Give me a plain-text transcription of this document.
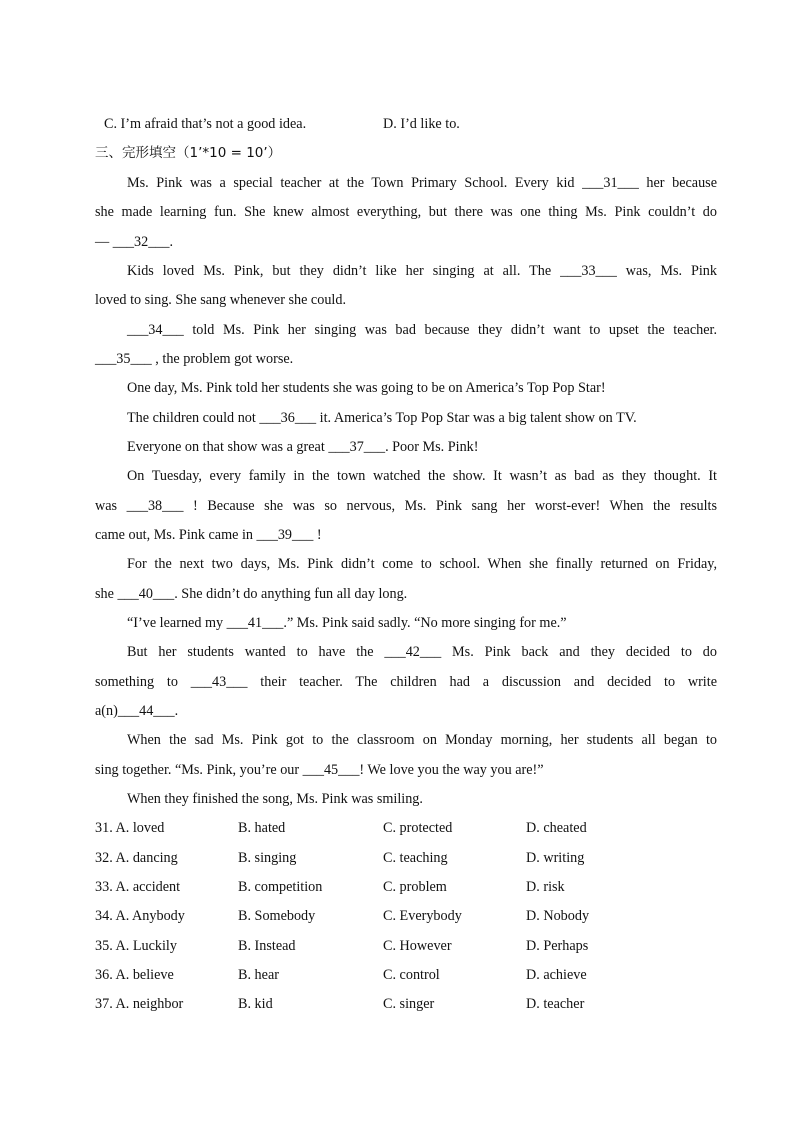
C. I’m afraid that’s not a good idea.	D. I’d like to.
三、完形填空（1’*10 = 10’）
Ms. Pink was a special teacher at the Town Primary School. Every kid ___31___ her because
she made learning fun. She knew almost everything, but there was one thing Ms. Pink couldn’t do
— ___32___.
Kids loved Ms. Pink, but they didn’t like her singing at all. The ___33___ was, Ms. Pink
loved to sing. She sang whenever she could.
___34___ told Ms. Pink her singing was bad because they didn’t want to upset the teacher.
___35___ , the problem got worse.
One day, Ms. Pink told her students she was going to be on America’s Top Pop Star!
The children could not ___36___ it. America’s Top Pop Star was a big talent show on TV.
Everyone on that show was a great ___37___. Poor Ms. Pink!
On Tuesday, every family in the town watched the show. It wasn’t as bad as they thought. It
was ___38___ ! Because she was so nervous, Ms. Pink sang her worst-ever! When the results
came out, Ms. Pink came in ___39___ !
For the next two days, Ms. Pink didn’t come to school. When she finally returned on Friday,
she ___40___. She didn’t do anything fun all day long.
“I’ve learned my ___41___.” Ms. Pink said sadly. “No more singing for me.”
But her students wanted to have the ___42___ Ms. Pink back and they decided to do
something to ___43___ their teacher. The children had a discussion and decided to write
a(n)___44___.
When the sad Ms. Pink got to the classroom on Monday morning, her students all began to
sing together. “Ms. Pink, you’re our ___45___! We love you the way you are!”
When they finished the song, Ms. Pink was smiling.
31. A. loved	B. hated	C. protected	D. cheated
32. A. dancing	B. singing	C. teaching	D. writing
33. A. accident	B. competition	C. problem	D. risk
34. A. Anybody	B. Somebody	C. Everybody	D. Nobody
35. A. Luckily	B. Instead	C. However	D. Perhaps
36. A. believe	B. hear	C. control	D. achieve
37. A. neighbor	B. kid	C. singer	D. teacher
